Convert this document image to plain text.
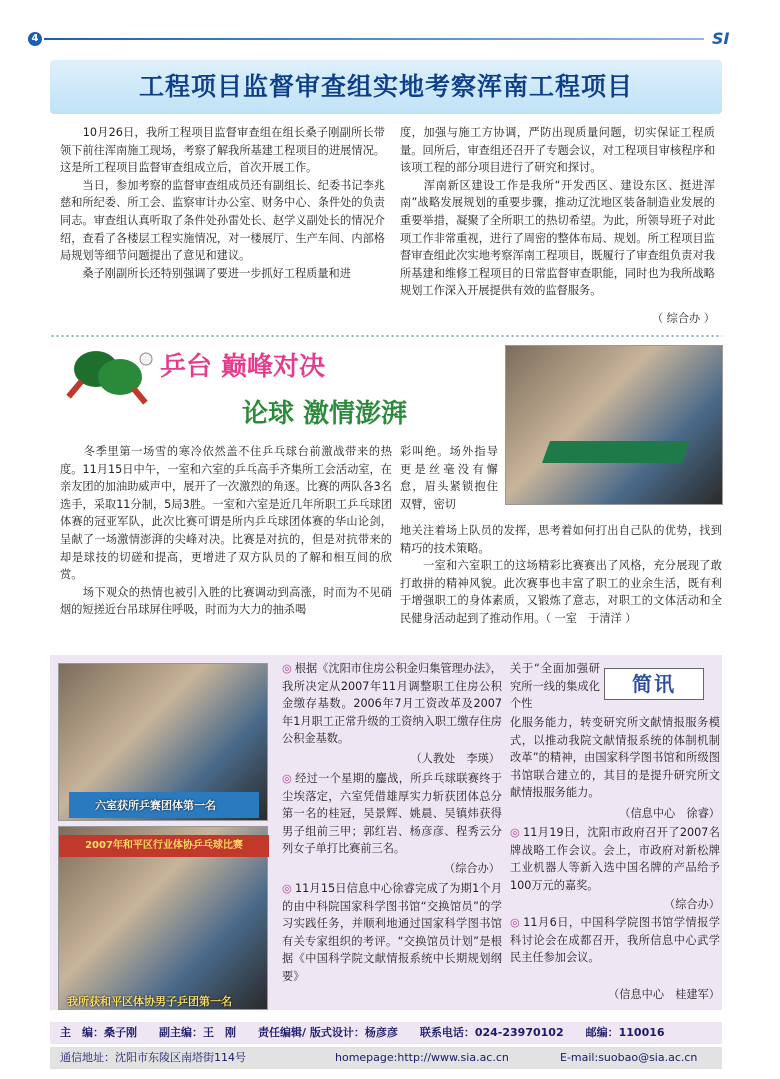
4	SI
工程项目监督审查组实地考察浑南工程项目
　　10月26日，我所工程项目监督审查组在组长桑子刚副所长带领下前往浑南施工现场，考察了解我所基建工程项目的进展情况。这是所工程项目监督审查组成立后，首次开展工作。
　　当日，参加考察的监督审查组成员还有副组长、纪委书记李兆慈和所纪委、所工会、监察审计办公室、财务中心、条件处的负责同志。审查组认真听取了条件处孙雷处长、赵学义副处长的情况介绍，查看了各楼层工程实施情况，对一楼展厅、生产车间、内部格局规划等细节问题提出了意见和建议。
　　桑子刚副所长还特别强调了要进一步抓好工程质量和进
度，加强与施工方协调，严防出现质量问题，切实保证工程质量。回所后，审查组还召开了专题会议，对工程项目审核程序和该项工程的部分项目进行了研究和探讨。
　　浑南新区建设工作是我所“开发西区、建设东区、挺进浑南”战略发展规划的重要步骤，推动辽沈地区装备制造业发展的重要举措，凝聚了全所职工的热切希望。为此，所领导班子对此项工作非常重视，进行了周密的整体布局、规划。所工程项目监督审查组此次实地考察浑南工程项目，既履行了审查组负责对我所基建和维修工程项目的日常监督审查职能，同时也为我所战略规划工作深入开展提供有效的监督服务。
（ 综合办 ）
乒台 巅峰对决
论球 激情澎湃
　　冬季里第一场雪的寒冷依然盖不住乒乓球台前激战带来的热度。11月15日中午，一室和六室的乒乓高手齐集所工会活动室，在亲友团的加油助威声中，展开了一次激烈的角逐。比赛的两队各3名选手，采取11分制，5局3胜。一室和六室是近几年所职工乒乓球团体赛的冠亚军队，此次比赛可谓是所内乒乓球团体赛的华山论剑，呈献了一场激情澎湃的尖峰对决。比赛是对抗的，但是对抗带来的却是球技的切磋和提高，更增进了双方队员的了解和相互间的欣赏。
　　场下观众的热情也被引入胜的比赛调动到高涨，时而为不见硝烟的短搓近台吊球屏住呼吸，时而为大力的抽杀喝
彩叫绝。场外指导更是丝毫没有懈怠，眉头紧锁抱住双臂，密切
地关注着场上队员的发挥，思考着如何打出自己队的优势，找到精巧的技术策略。
　　一室和六室职工的这场精彩比赛赛出了风格，充分展现了敢打敢拼的精神风貌。此次赛事也丰富了职工的业余生活，既有利于增强职工的身体素质，又锻炼了意志，对职工的文体活动和全民健身活动起到了推动作用。（ 一室　于清洋 ）
六室获所乒赛团体第一名
2007年和平区行业体协乒乓球比赛
我所获和平区体协男子乒团第一名
◎ 根据《沈阳市住房公积金归集管理办法》，我所决定从2007年11月调整职工住房公积金缴存基数。2006年7月工资改革及2007年1月职工正常升级的工资纳入职工缴存住房公积金基数。
（人教处　李瑛）
◎ 经过一个星期的鏖战，所乒乓球联赛终于尘埃落定，六室凭借雄厚实力斩获团体总分第一名的桂冠，吴景辉、姚晨、吴镇炜获得男子组前三甲；郭红岩、杨彦彦、程秀云分列女子单打比赛前三名。
（综合办）
◎ 11月15日信息中心徐睿完成了为期1个月的由中科院国家科学图书馆“交换馆员”的学习实践任务，并顺利地通过国家科学图书馆有关专家组织的考评。“交换馆员计划”是根据《中国科学院文献情报系统中长期规划纲要》
关于“全面加强研究所一线的集成化个性
简讯
化服务能力，转变研究所文献情报服务模式，以推动我院文献情报系统的体制机制改革”的精神，由国家科学图书馆和所级图书馆联合建立的，其目的是提升研究所文献情报服务能力。
（信息中心　徐睿）
◎ 11月19日，沈阳市政府召开了2007名牌战略工作会议。会上，市政府对新松牌工业机器人等新入选中国名牌的产品给予100万元的嘉奖。
（综合办）
◎ 11月6日，中国科学院图书馆学情报学科讨论会在成都召开，我所信息中心武学民主任参加会议。
（信息中心　桂建军）
主　编：桑子刚　　副主编：王　刚　　责任编辑/ 版式设计：杨彦彦　　联系电话：024-23970102　　邮编：110016
通信地址：沈阳市东陵区南塔街114号	homepage:http://www.sia.ac.cn	E-mail:suobao@sia.ac.cn
